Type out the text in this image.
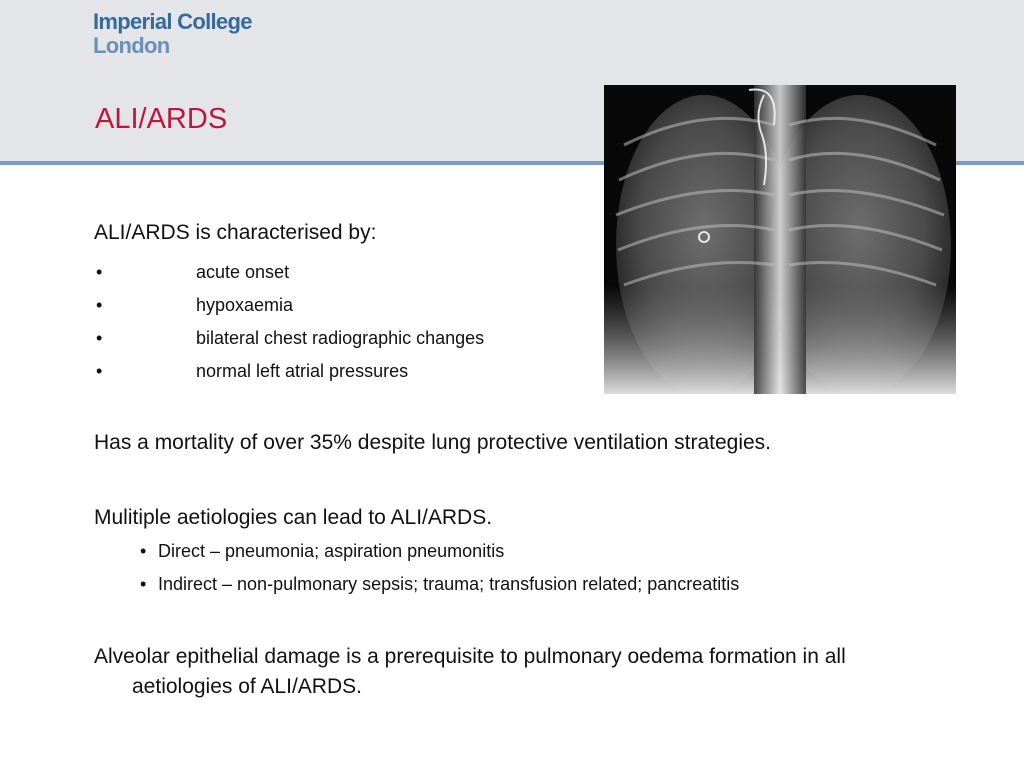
Imperial College
London
ALI/ARDS
ALI/ARDS is characterised by:
•	acute onset
•	hypoxaemia
•	bilateral chest radiographic changes
•	normal left atrial pressures

Has a mortality of over 35% despite lung protective ventilation strategies.

Mulitiple aetiologies can lead to ALI/ARDS.

• Direct – pneumonia; aspiration pneumonitis
• Indirect – non-pulmonary sepsis; trauma; transfusion related; pancreatitis

Alveolar epithelial damage is a prerequisite to pulmonary oedema formation in all aetiologies of ALI/ARDS.
